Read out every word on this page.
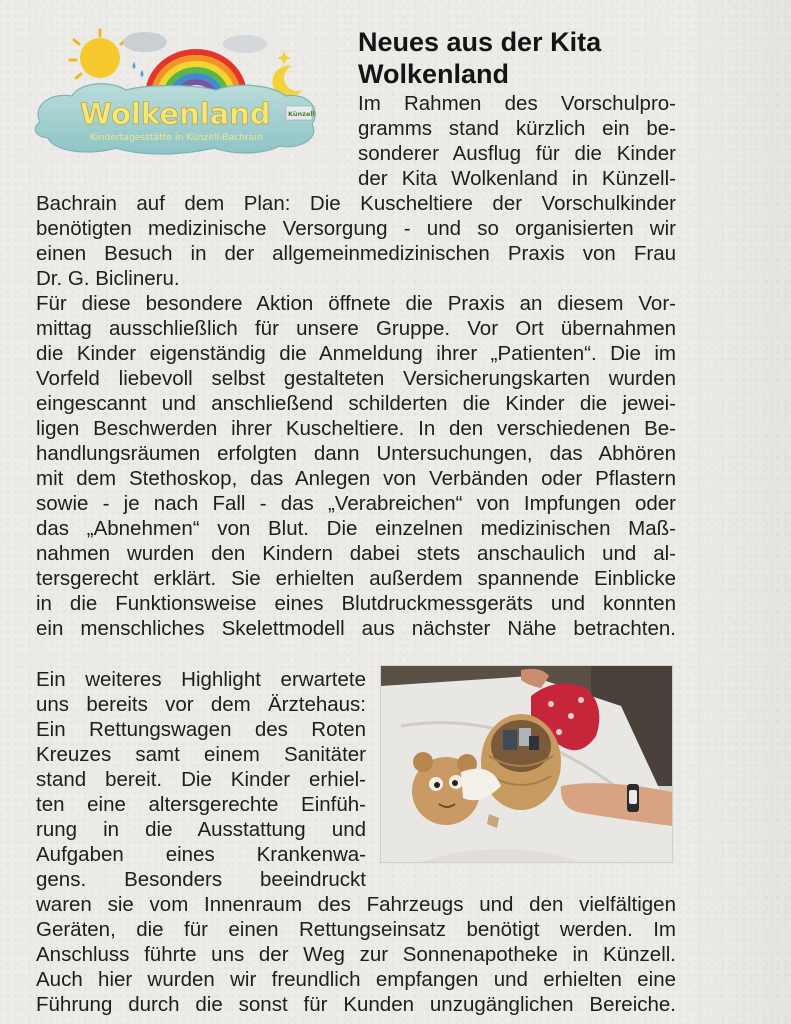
Wolkenland	Künzell
Kindertagesstätte in Künzell-Bachrain
Neues aus der Kita
Wolkenland
Im Rahmen des Vorschulpro-
gramms stand kürzlich ein be-
sonderer Ausflug für die Kinder
der Kita Wolkenland in Künzell-
Bachrain auf dem Plan: Die Kuscheltiere der Vorschulkinder
benötigten medizinische Versorgung - und so organisierten wir
einen Besuch in der allgemeinmedizinischen Praxis von Frau
Dr. G. Biclineru.
Für diese besondere Aktion öffnete die Praxis an diesem Vor-
mittag ausschließlich für unsere Gruppe. Vor Ort übernahmen
die Kinder eigenständig die Anmeldung ihrer „Patienten“. Die im
Vorfeld liebevoll selbst gestalteten Versicherungskarten wurden
eingescannt und anschließend schilderten die Kinder die jewei-
ligen Beschwerden ihrer Kuscheltiere. In den verschiedenen Be-
handlungsräumen erfolgten dann Untersuchungen, das Abhören
mit dem Stethoskop, das Anlegen von Verbänden oder Pflastern
sowie - je nach Fall - das „Verabreichen“ von Impfungen oder
das „Abnehmen“ von Blut. Die einzelnen medizinischen Maß-
nahmen wurden den Kindern dabei stets anschaulich und al-
tersgerecht erklärt. Sie erhielten außerdem spannende Einblicke
in die Funktionsweise eines Blutdruckmessgeräts und konnten
ein menschliches Skelettmodell aus nächster Nähe betrachten.
Ein weiteres Highlight erwartete
uns bereits vor dem Ärztehaus:
Ein Rettungswagen des Roten
Kreuzes samt einem Sanitäter
stand bereit. Die Kinder erhiel-
ten eine altersgerechte Einfüh-
rung in die Ausstattung und
Aufgaben eines Krankenwa-
gens. Besonders beeindruckt
waren sie vom Innenraum des Fahrzeugs und den vielfältigen
Geräten, die für einen Rettungseinsatz benötigt werden. Im
Anschluss führte uns der Weg zur Sonnenapotheke in Künzell.
Auch hier wurden wir freundlich empfangen und erhielten eine
Führung durch die sonst für Kunden unzugänglichen Bereiche.
